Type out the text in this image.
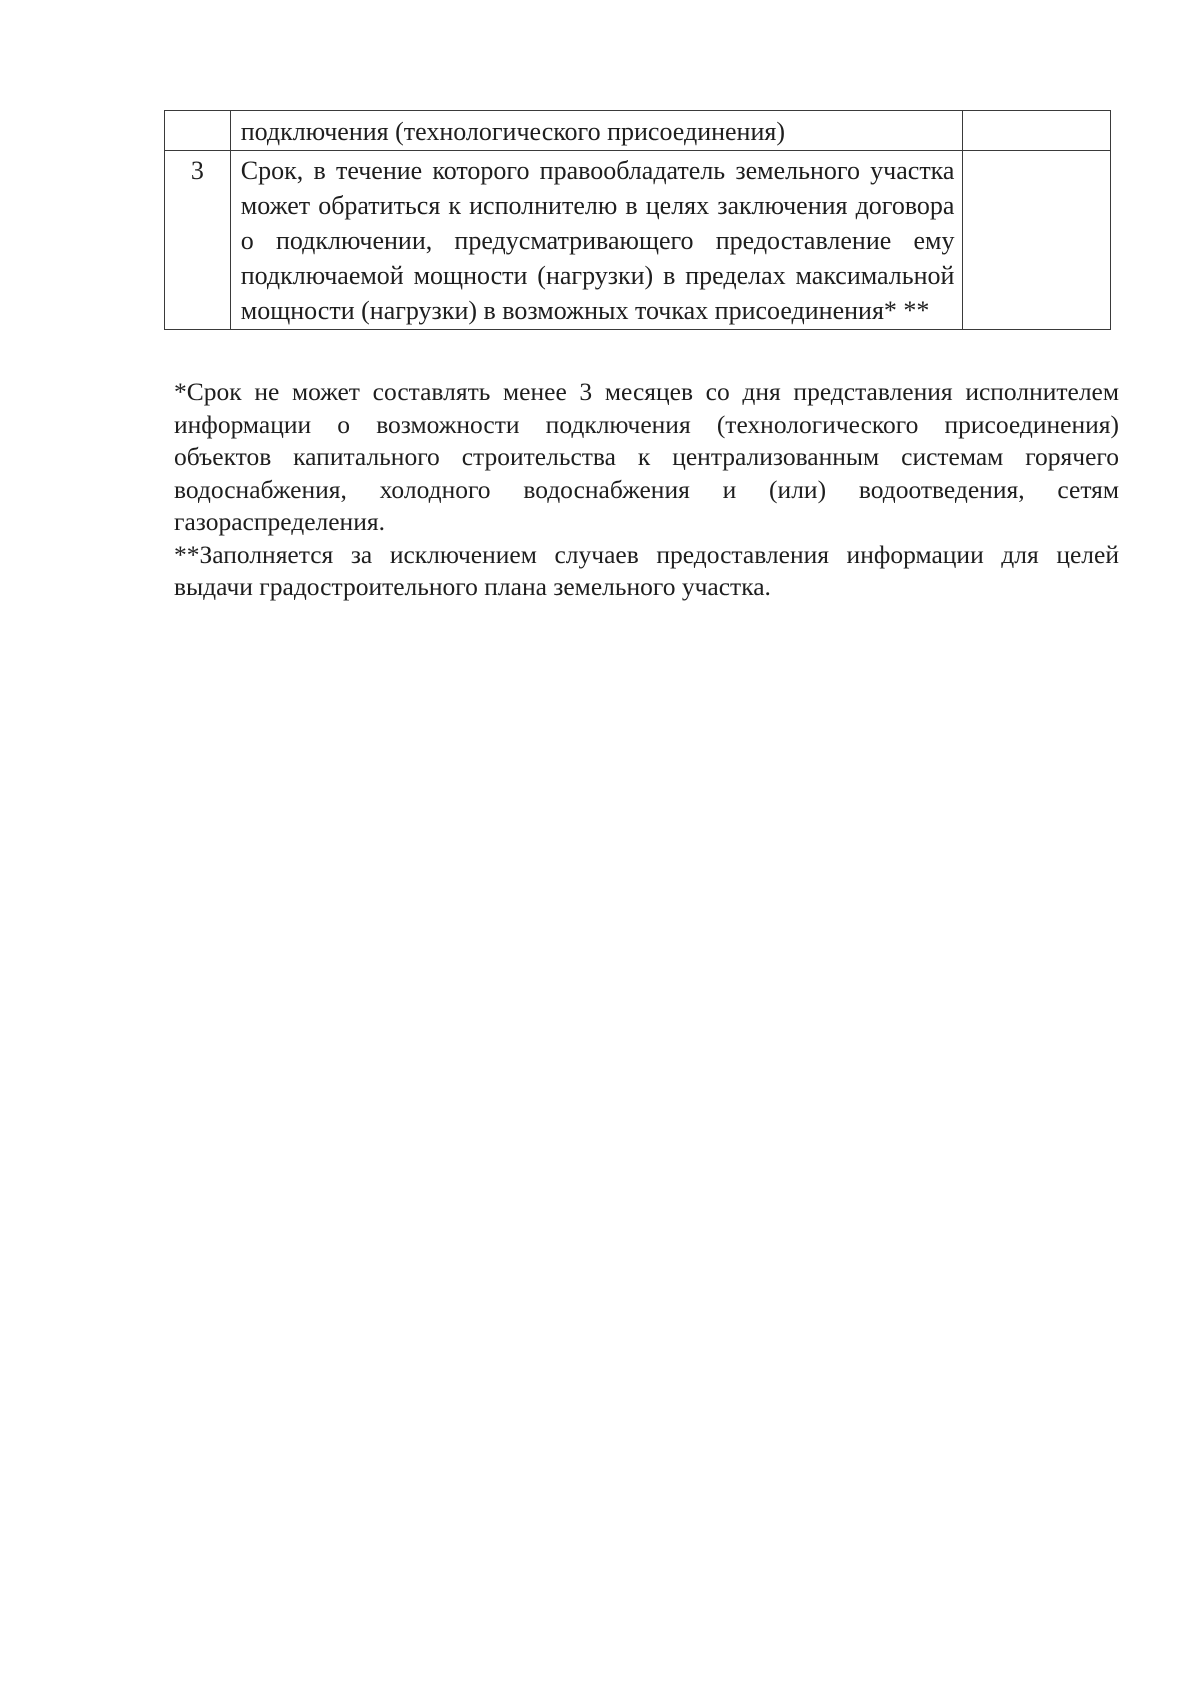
	подключения (технологического присоединения)	

3	Срок, в течение которого правообладатель земельного участка может обратиться к исполнителю в целях заключения договора о подключении, предусматривающего предоставление ему подключаемой мощности (нагрузки) в пределах максимальной мощности (нагрузки) в возможных точках присоединения* **	

*Срок не может составлять менее 3 месяцев со дня представления исполнителем информации о возможности подключения (технологического присоединения) объектов капитального строительства к централизованным системам горячего водоснабжения, холодного водоснабжения и (или) водоотведения, сетям газораспределения.

**Заполняется за исключением случаев предоставления информации для целей выдачи градостроительного плана земельного участка.
